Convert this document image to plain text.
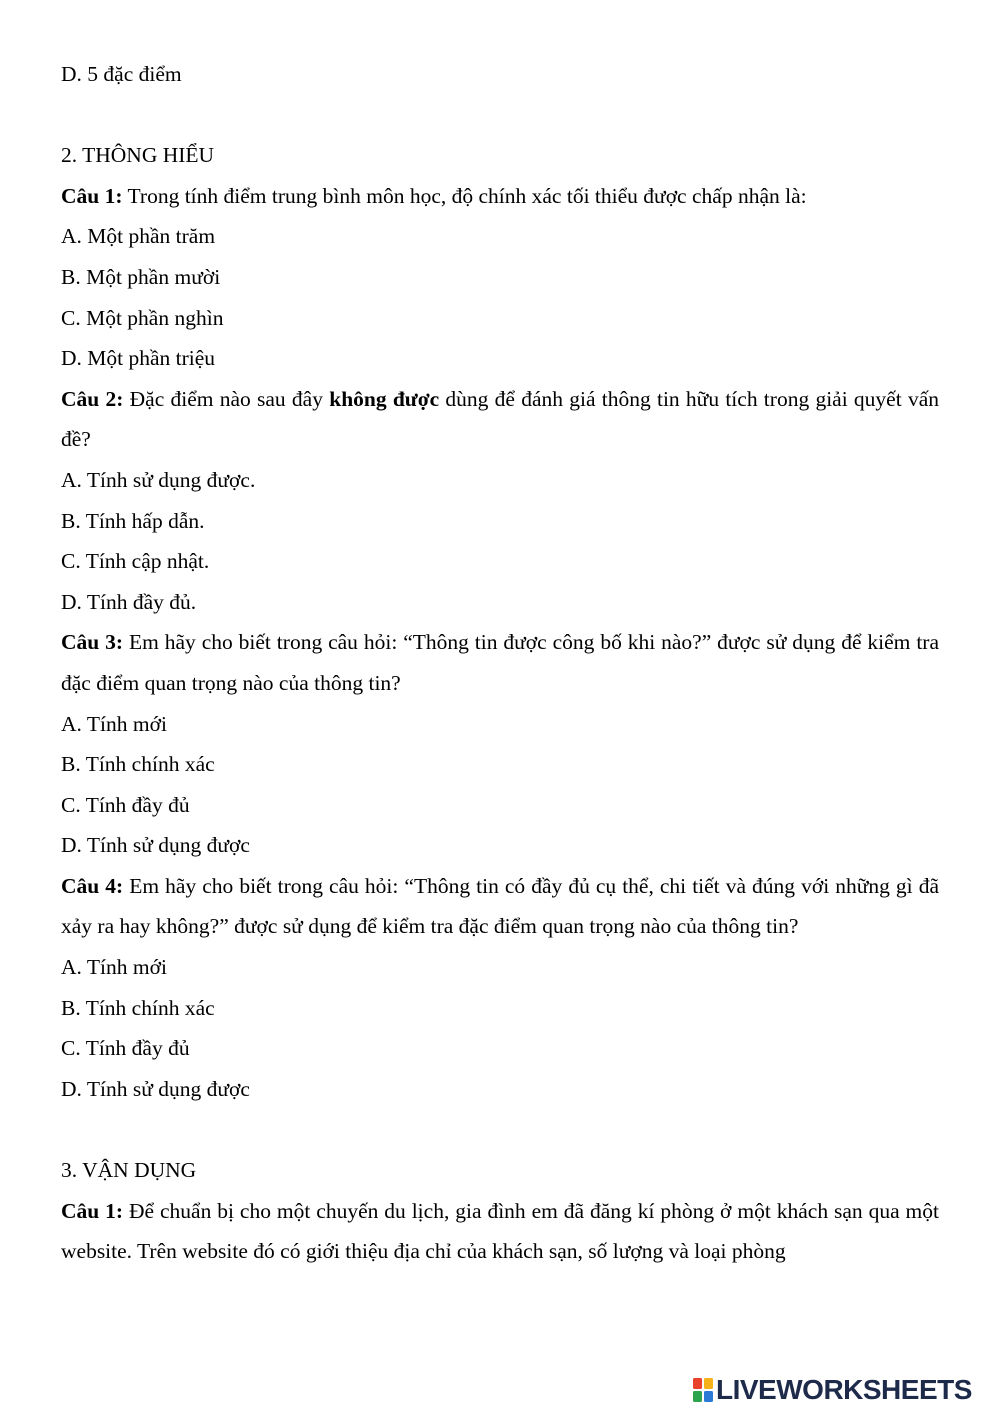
D. 5 đặc điểm
2. THÔNG HIỂU
Câu 1: Trong tính điểm trung bình môn học, độ chính xác tối thiểu được chấp nhận là:
A. Một phần trăm
B. Một phần mười
C. Một phần nghìn
D. Một phần triệu
Câu 2: Đặc điểm nào sau đây không được dùng để đánh giá thông tin hữu tích trong giải quyết vấn đề?
A. Tính sử dụng được.
B. Tính hấp dẫn.
C. Tính cập nhật.
D. Tính đầy đủ.
Câu 3: Em hãy cho biết trong câu hỏi: “Thông tin được công bố khi nào?” được sử dụng để kiểm tra đặc điểm quan trọng nào của thông tin?
A. Tính mới
B. Tính chính xác
C. Tính đầy đủ
D. Tính sử dụng được
Câu 4: Em hãy cho biết trong câu hỏi: “Thông tin có đầy đủ cụ thể, chi tiết và đúng với những gì đã xảy ra hay không?” được sử dụng để kiểm tra đặc điểm quan trọng nào của thông tin?
A. Tính mới
B. Tính chính xác
C. Tính đầy đủ
D. Tính sử dụng được
3. VẬN DỤNG
Câu 1: Để chuẩn bị cho một chuyến du lịch, gia đình em đã đăng kí phòng ở một khách sạn qua một website. Trên website đó có giới thiệu địa chỉ của khách sạn, số lượng và loại phòng
LIVEWORKSHEETS
